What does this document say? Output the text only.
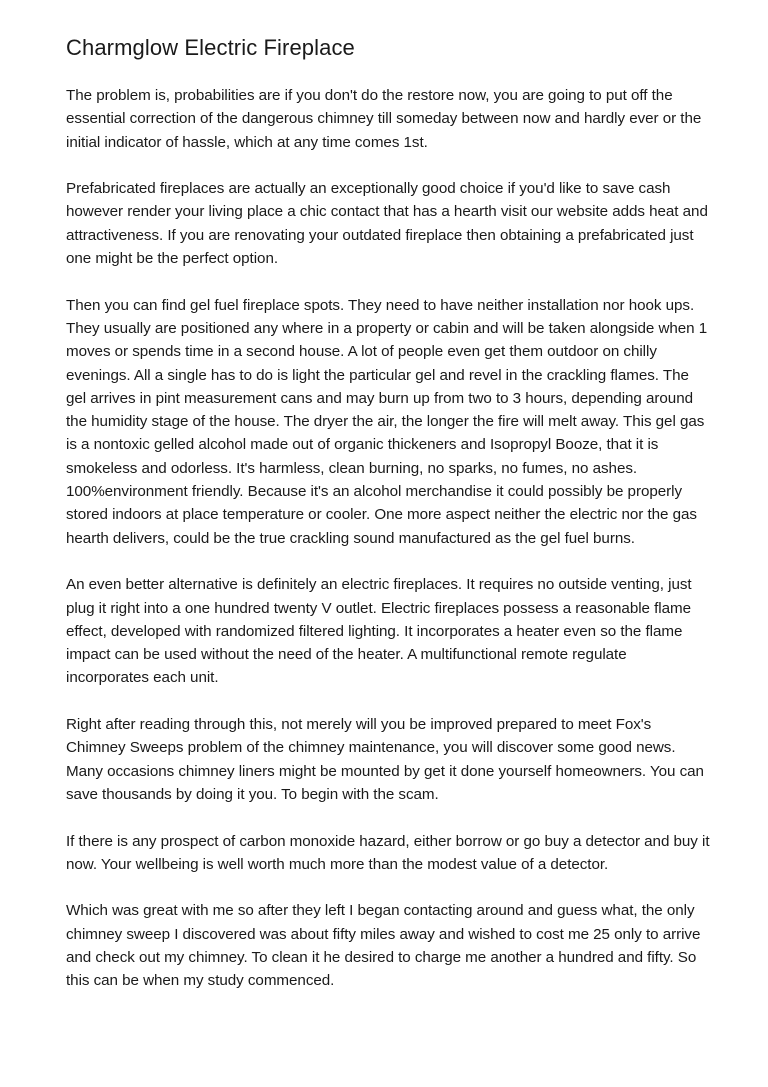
Charmglow Electric Fireplace

The problem is, probabilities are if you don't do the restore now, you are going to put off the essential correction of the dangerous chimney till someday between now and hardly ever or the initial indicator of hassle, which at any time comes 1st.

Prefabricated fireplaces are actually an exceptionally good choice if you'd like to save cash however render your living place a chic contact that has a hearth visit our website adds heat and attractiveness. If you are renovating your outdated fireplace then obtaining a prefabricated just one might be the perfect option.

Then you can find gel fuel fireplace spots. They need to have neither installation nor hook ups. They usually are positioned any where in a property or cabin and will be taken alongside when 1 moves or spends time in a second house. A lot of people even get them outdoor on chilly evenings. All a single has to do is light the particular gel and revel in the crackling flames. The gel arrives in pint measurement cans and may burn up from two to 3 hours, depending around the humidity stage of the house. The dryer the air, the longer the fire will melt away. This gel gas is a nontoxic gelled alcohol made out of organic thickeners and Isopropyl Booze, that it is smokeless and odorless. It's harmless, clean burning, no sparks, no fumes, no ashes. 100%environment friendly. Because it's an alcohol merchandise it could possibly be properly stored indoors at place temperature or cooler. One more aspect neither the electric nor the gas hearth delivers, could be the true crackling sound manufactured as the gel fuel burns.

An even better alternative is definitely an electric fireplaces. It requires no outside venting, just plug it right into a one hundred twenty V outlet. Electric fireplaces possess a reasonable flame effect, developed with randomized filtered lighting. It incorporates a heater even so the flame impact can be used without the need of the heater. A multifunctional remote regulate incorporates each unit.

Right after reading through this, not merely will you be improved prepared to meet Fox's Chimney Sweeps problem of the chimney maintenance, you will discover some good news. Many occasions chimney liners might be mounted by get it done yourself homeowners. You can save thousands by doing it you. To begin with the scam.

If there is any prospect of carbon monoxide hazard, either borrow or go buy a detector and buy it now. Your wellbeing is well worth much more than the modest value of a detector.

Which was great with me so after they left I began contacting around and guess what, the only chimney sweep I discovered was about fifty miles away and wished to cost me 25 only to arrive and check out my chimney. To clean it he desired to charge me another a hundred and fifty. So this can be when my study commenced.
